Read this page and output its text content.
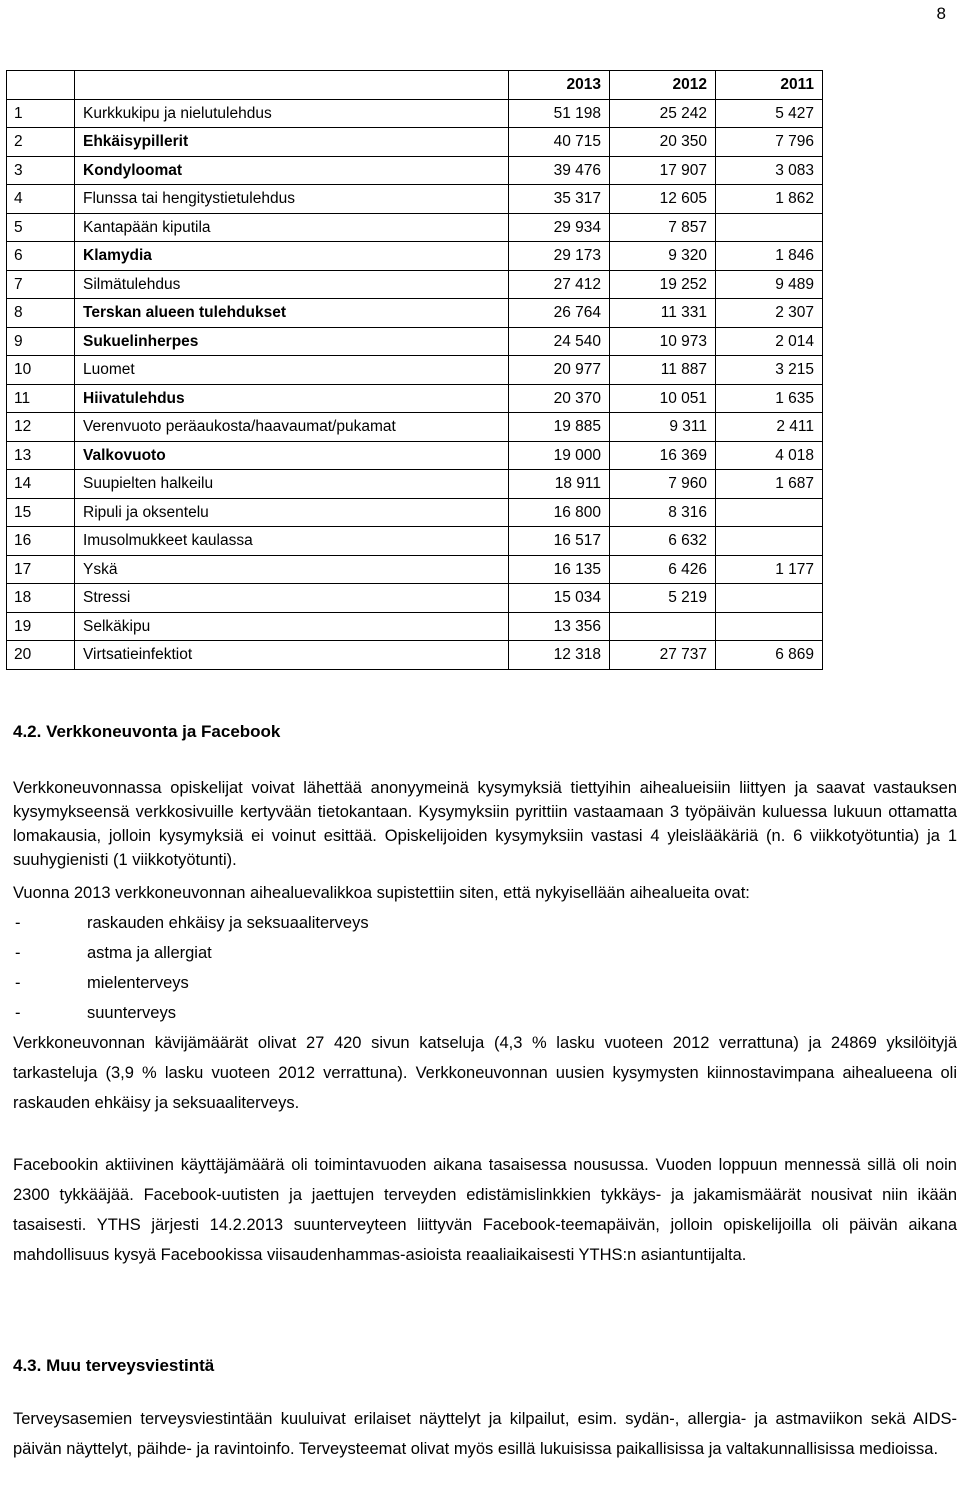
8
		2013	2012	2011
1	Kurkkukipu ja nielutulehdus	51 198	25 242	5 427
2	Ehkäisypillerit	40 715	20 350	7 796
3	Kondyloomat	39 476	17 907	3 083
4	Flunssa tai hengitystietulehdus	35 317	12 605	1 862
5	Kantapään kiputila	29 934	7 857	
6	Klamydia	29 173	9 320	1 846
7	Silmätulehdus	27 412	19 252	9 489
8	Terskan alueen tulehdukset	26 764	11 331	2 307
9	Sukuelinherpes	24 540	10 973	2 014
10	Luomet	20 977	11 887	3 215
11	Hiivatulehdus	20 370	10 051	1 635
12	Verenvuoto peräaukosta/haavaumat/pukamat	19 885	9 311	2 411
13	Valkovuoto	19 000	16 369	4 018
14	Suupielten halkeilu	18 911	7 960	1 687
15	Ripuli ja oksentelu	16 800	8 316	
16	Imusolmukkeet kaulassa	16 517	6 632	
17	Yskä	16 135	6 426	1 177
18	Stressi	15 034	5 219	
19	Selkäkipu	13 356		
20	Virtsatieinfektiot	12 318	27 737	6 869
4.2. Verkkoneuvonta ja Facebook

Verkkoneuvonnassa opiskelijat voivat lähettää anonyymeinä kysymyksiä tiettyihin aihealueisiin liittyen ja saavat vastauksen kysymykseensä verkkosivuille kertyvään tietokantaan. Kysymyksiin pyrittiin vastaamaan 3 työpäivän kuluessa lukuun ottamatta lomakausia, jolloin kysymyksiä ei voinut esittää. Opiskelijoiden kysymyksiin vastasi 4 yleislääkäriä (n. 6 viikkotyötuntia) ja 1 suuhygienisti (1 viikkotyötunti).

Vuonna 2013 verkkoneuvonnan aihealuevalikkoa supistettiin siten, että nykyisellään aihealueita ovat:

-	raskauden ehkäisy ja seksuaaliterveys
-	astma ja allergiat
-	mielenterveys
-	suunterveys

Verkkoneuvonnan kävijämäärät olivat 27 420 sivun katseluja (4,3 % lasku vuoteen 2012 verrattuna) ja 24869 yksilöityjä tarkasteluja (3,9 % lasku vuoteen 2012 verrattuna). Verkkoneuvonnan uusien kysymysten kiinnostavimpana aihealueena oli raskauden ehkäisy ja seksuaaliterveys.

Facebookin aktiivinen käyttäjämäärä oli toimintavuoden aikana tasaisessa nousussa. Vuoden loppuun mennessä sillä oli noin 2300 tykkääjää. Facebook-uutisten ja jaettujen terveyden edistämislinkkien tykkäys- ja jakamismäärät nousivat niin ikään tasaisesti. YTHS järjesti 14.2.2013 suunterveyteen liittyvän Facebook-teemapäivän, jolloin opiskelijoilla oli päivän aikana mahdollisuus kysyä Facebookissa viisaudenhammas-asioista reaaliaikaisesti YTHS:n asiantuntijalta.

4.3. Muu terveysviestintä

Terveysasemien terveysviestintään kuuluivat erilaiset näyttelyt ja kilpailut, esim. sydän-, allergia- ja astmaviikon sekä AIDS-päivän näyttelyt, päihde- ja ravintoinfo. Terveysteemat olivat myös esillä lukuisissa paikallisissa ja valtakunnallisissa medioissa.
